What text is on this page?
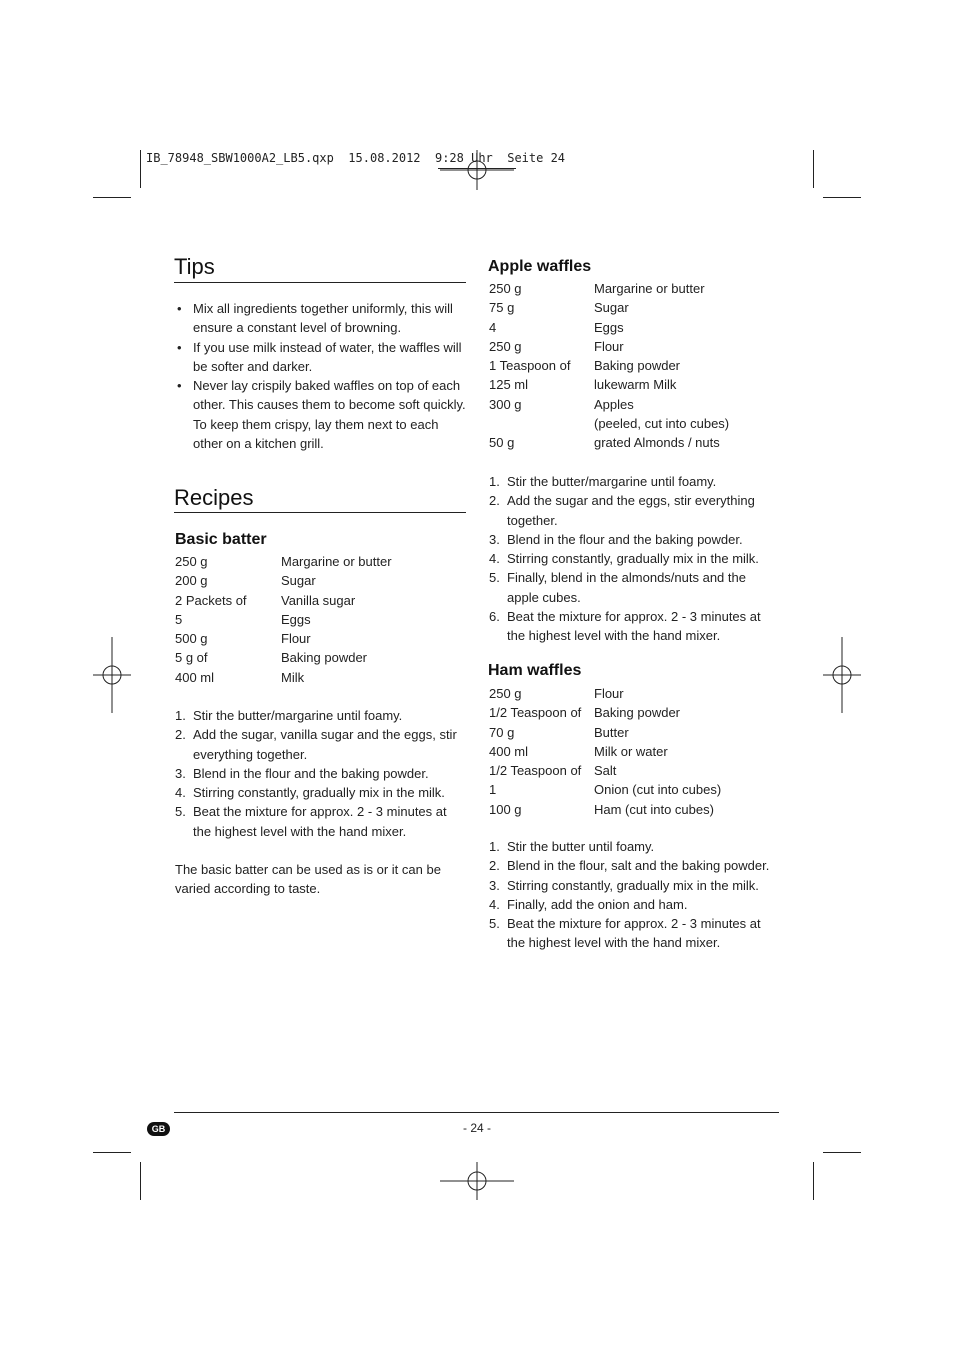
IB_78948_SBW1000A2_LB5.qxp  15.08.2012  9:28 Uhr  Seite 24
Tips
• Mix all ingredients together uniformly, this will ensure a constant level of browning.
• If you use milk instead of water, the waffles will be softer and darker.
• Never lay crispily baked waffles on top of each other. This causes them to become soft quickly. To keep them crispy, lay them next to each other on a kitchen grill.
Recipes
Basic batter
250 g	Margarine or butter
200 g	Sugar
2 Packets of	Vanilla sugar
5	Eggs
500 g	Flour
5 g of	Baking powder
400 ml	Milk
1. Stir the butter/margarine until foamy.
2. Add the sugar, vanilla sugar and the eggs, stir everything together.
3. Blend in the flour and the baking powder.
4. Stirring constantly, gradually mix in the milk.
5. Beat the mixture for approx. 2 - 3 minutes at the highest level with the hand mixer.
The basic batter can be used as is or it can be varied according to taste.
Apple waffles
250 g	Margarine or butter
75 g	Sugar
4	Eggs
250 g	Flour
1 Teaspoon of	Baking powder
125 ml	lukewarm Milk
300 g	Apples
(peeled, cut into cubes)
50 g	grated Almonds / nuts
1. Stir the butter/margarine until foamy.
2. Add the sugar and the eggs, stir everything together.
3. Blend in the flour and the baking powder.
4. Stirring constantly, gradually mix in the milk.
5. Finally, blend in the almonds/nuts and the apple cubes.
6. Beat the mixture for approx. 2 - 3 minutes at the highest level with the hand mixer.
Ham waffles
250 g	Flour
1/2 Teaspoon of Baking powder
70 g	Butter
400 ml	Milk or water
1/2 Teaspoon of Salt
1	Onion (cut into cubes)
100 g	Ham (cut into cubes)
1. Stir the butter until foamy.
2. Blend in the flour, salt and the baking powder.
3. Stirring constantly, gradually mix in the milk.
4. Finally, add the onion and ham.
5. Beat the mixture for approx. 2 - 3 minutes at the highest level with the hand mixer.
GB	- 24 -
